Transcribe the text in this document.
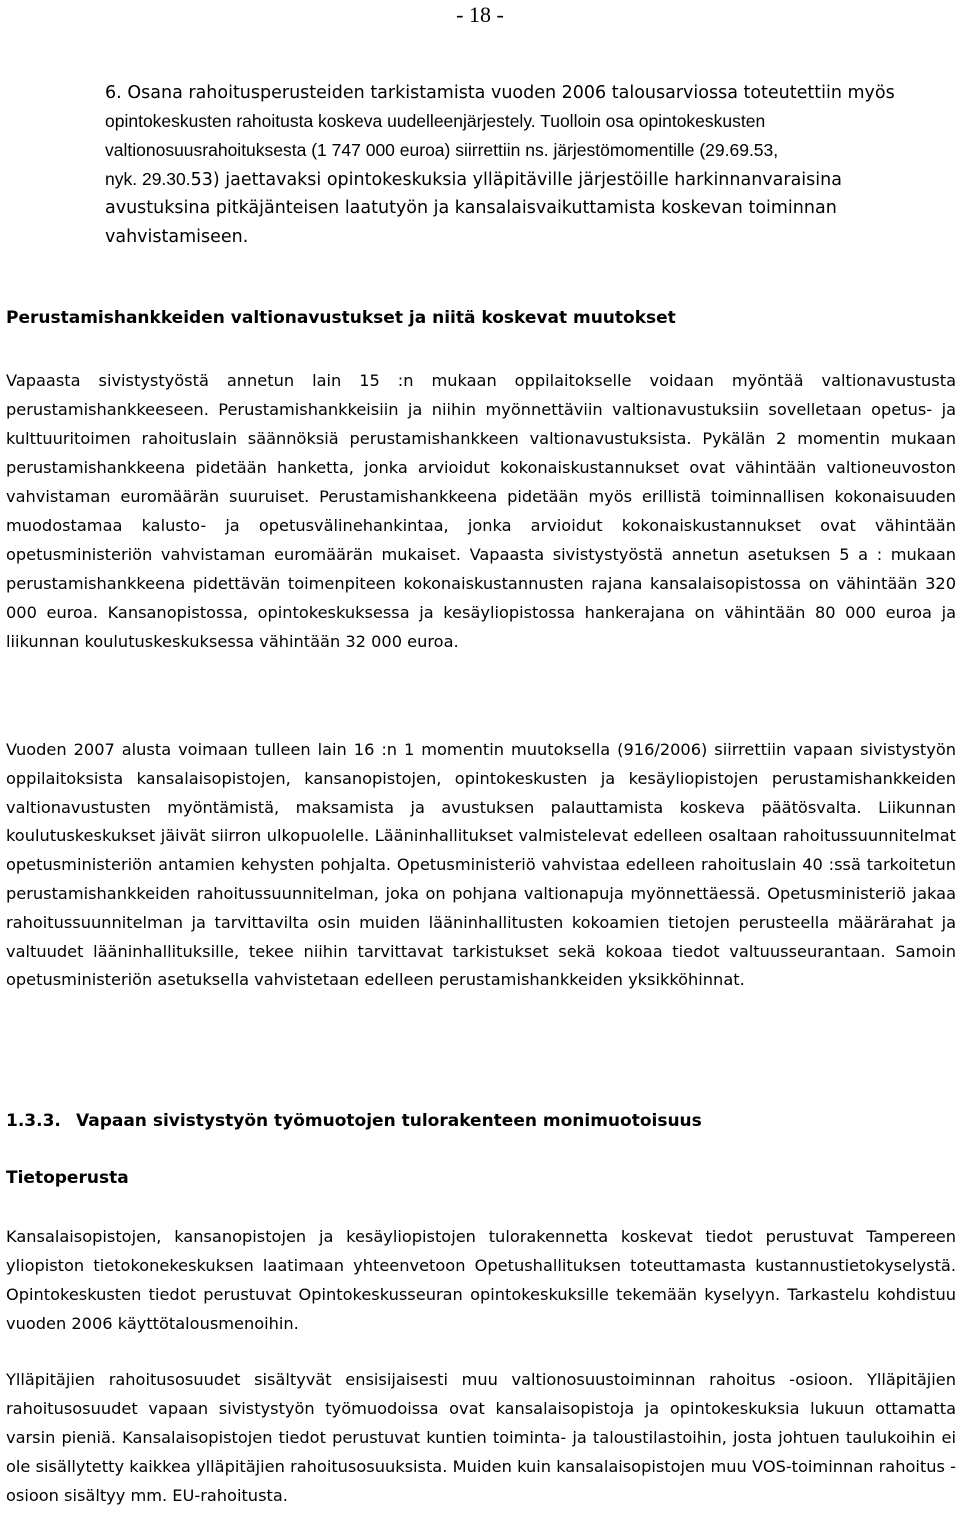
- 18 -
6. Osana rahoitusperusteiden tarkistamista vuoden 2006 talousarviossa toteutettiin myös
opintokeskusten rahoitusta koskeva uudelleenjärjestely. Tuolloin osa opintokeskusten
valtionosuusrahoituksesta (1 747 000 euroa) siirrettiin ns. järjestömomentille (29.69.53,
nyk. 29.30.53) jaettavaksi opintokeskuksia ylläpitäville järjestöille harkinnanvaraisina
avustuksina pitkäjänteisen laatutyön ja kansalaisvaikuttamista koskevan toiminnan
vahvistamiseen.
Perustamishankkeiden valtionavustukset ja niitä koskevat muutokset

Vapaasta sivistystyöstä annetun lain 15 :n mukaan oppilaitokselle voidaan myöntää valtionavustusta perustamishankkeeseen. Perustamishankkeisiin ja niihin myönnettäviin valtionavustuksiin sovelletaan opetus- ja kulttuuritoimen rahoituslain säännöksiä perustamishankkeen valtionavustuksista. Pykälän 2 momentin mukaan perustamishankkeena pidetään hanketta, jonka arvioidut kokonaiskustannukset ovat vähintään valtioneuvoston vahvistaman euromäärän suuruiset. Perustamishankkeena pidetään myös erillistä toiminnallisen kokonaisuuden muodostamaa kalusto- ja opetusvälinehankintaa, jonka arvioidut kokonaiskustannukset ovat vähintään opetusministeriön vahvistaman euromäärän mukaiset. Vapaasta sivistystyöstä annetun asetuksen 5 a : mukaan perustamishankkeena pidettävän toimenpiteen kokonaiskustannusten rajana kansalaisopistossa on vähintään 320 000 euroa. Kansanopistossa, opintokeskuksessa ja kesäyliopistossa hankerajana on vähintään 80 000 euroa ja liikunnan koulutuskeskuksessa vähintään 32 000 euroa.

Vuoden 2007 alusta voimaan tulleen lain 16 :n 1 momentin muutoksella (916/2006) siirrettiin vapaan sivistystyön oppilaitoksista kansalaisopistojen, kansanopistojen, opintokeskusten ja kesäyliopistojen perustamishankkeiden valtionavustusten myöntämistä, maksamista ja avustuksen palauttamista koskeva päätösvalta. Liikunnan koulutuskeskukset jäivät siirron ulkopuolelle. Lääninhallitukset valmistelevat edelleen osaltaan rahoitussuunnitelmat opetusministeriön antamien kehysten pohjalta. Opetusministeriö vahvistaa edelleen rahoituslain 40 :ssä tarkoitetun perustamishankkeiden rahoitussuunnitelman, joka on pohjana valtionapuja myönnettäessä. Opetusministeriö jakaa rahoitussuunnitelman ja tarvittavilta osin muiden lääninhallitusten kokoamien tietojen perusteella määrärahat ja valtuudet lääninhallituksille, tekee niihin tarvittavat tarkistukset sekä kokoaa tiedot valtuusseurantaan. Samoin opetusministeriön asetuksella vahvistetaan edelleen perustamishankkeiden yksikköhinnat.

1.3.3. Vapaan sivistystyön työmuotojen tulorakenteen monimuotoisuus
Tietoperusta

Kansalaisopistojen, kansanopistojen ja kesäyliopistojen tulorakennetta koskevat tiedot perustuvat Tampereen yliopiston tietokonekeskuksen laatimaan yhteenvetoon Opetushallituksen toteuttamasta kustannustietokyselystä. Opintokeskusten tiedot perustuvat Opintokeskusseuran opintokeskuksille tekemään kyselyyn. Tarkastelu kohdistuu vuoden 2006 käyttötalousmenoihin.

Ylläpitäjien rahoitusosuudet sisältyvät ensisijaisesti muu valtionosuustoiminnan rahoitus -osioon. Ylläpitäjien rahoitusosuudet vapaan sivistystyön työmuodoissa ovat kansalaisopistoja ja opintokeskuksia lukuun ottamatta varsin pieniä. Kansalaisopistojen tiedot perustuvat kuntien toiminta- ja taloustilastoihin, josta johtuen taulukoihin ei ole sisällytetty kaikkea ylläpitäjien rahoitusosuuksista. Muiden kuin kansalaisopistojen muu VOS-toiminnan rahoitus -osioon sisältyy mm. EU-rahoitusta.
